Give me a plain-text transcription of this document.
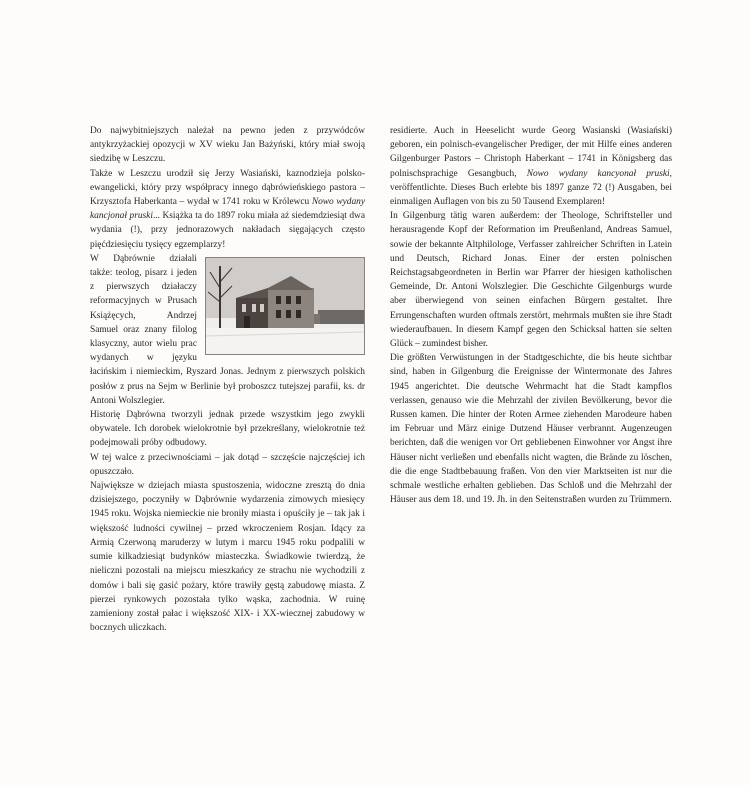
Do najwybitniejszych należał na pewno jeden z przywódców antykrzyżackiej opozycji w XV wieku Jan Bażyński, który miał swoją siedzibę w Leszczu.

Także w Leszczu urodził się Jerzy Wasiański, kaznodzieja polsko-ewangelicki, który przy współpracy innego dąbrówieńskiego pastora – Krzysztofa Haberkanta – wydał w 1741 roku w Królewcu Nowo wydany kancjonał pruski... Książka ta do 1897 roku miała aż siedemdziesiąt dwa wydania (!), przy jednorazowych nakładach sięgających często pięćdziesięciu tysięcy egzemplarzy!

W Dąbrównie działali także: teolog, pisarz i jeden z pierwszych działaczy reformacyjnych w Prusach Książęcych, Andrzej Samuel oraz znany filolog klasyczny, autor wielu prac wydanych w języku łacińskim i niemieckim, Ryszard Jonas. Jednym z pierwszych polskich posłów z prus na Sejm w Berlinie był proboszcz tutejszej parafii, ks. dr Antoni Wolszlegier.

Historię Dąbrówna tworzyli jednak przede wszystkim jego zwykli obywatele. Ich dorobek wielokrotnie był przekreślany, wielokrotnie też podejmowali próby odbudowy.

W tej walce z przeciwnościami – jak dotąd – szczęście najczęściej ich opuszczało.

Największe w dziejach miasta spustoszenia, widoczne zresztą do dnia dzisiejszego, poczyniły w Dąbrównie wydarzenia zimowych miesięcy 1945 roku. Wojska niemieckie nie broniły miasta i opuściły je – tak jak i większość ludności cywilnej – przed wkroczeniem Rosjan. Idący za Armią Czerwoną maruderzy w lutym i marcu 1945 roku podpalili w sumie kilkadziesiąt budynków miasteczka. Świadkowie twierdzą, że nieliczni pozostali na miejscu mieszkańcy ze strachu nie wychodzili z domów i bali się gasić pożary, które trawiły gęstą zabudowę miasta. Z pierzei rynkowych pozostała tylko wąska, zachodnia. W ruinę zamieniony został pałac i większość XIX- i XX-wiecznej zabudowy w bocznych uliczkach.

residierte. Auch in Heeselicht wurde Georg Wasianski (Wasiański) geboren, ein polnisch-evangelischer Prediger, der mit Hilfe eines anderen Gilgenburger Pastors – Christoph Haberkant – 1741 in Königsberg das polnischsprachige Gesangbuch, Nowo wydany kancyonał pruski, veröffentlichte. Dieses Buch erlebte bis 1897 ganze 72 (!) Ausgaben, bei einmaligen Auflagen von bis zu 50 Tausend Exemplaren!

In Gilgenburg tätig waren außerdem: der Theologe, Schriftsteller und herausragende Kopf der Reformation im Preußenland, Andreas Samuel, sowie der bekannte Altphilologe, Verfasser zahlreicher Schriften in Latein und Deutsch, Richard Jonas. Einer der ersten polnischen Reichstagsabgeordneten in Berlin war Pfarrer der hiesigen katholischen Gemeinde, Dr. Antoni Wolszlegier. Die Geschichte Gilgenburgs wurde aber überwiegend von seinen einfachen Bürgern gestaltet. Ihre Errungenschaften wurden oftmals zerstört, mehrmals mußten sie ihre Stadt wiederaufbauen. In diesem Kampf gegen den Schicksal hatten sie selten Glück – zumindest bisher.

Die größten Verwüstungen in der Stadtgeschichte, die bis heute sichtbar sind, haben in Gilgenburg die Ereignisse der Wintermonate des Jahres 1945 angerichtet. Die deutsche Wehrmacht hat die Stadt kampflos verlassen, genauso wie die Mehrzahl der zivilen Bevölkerung, bevor die Russen kamen. Die hinter der Roten Armee ziehenden Marodeure haben im Februar und März einige Dutzend Häuser verbrannt. Augenzeugen berichten, daß die wenigen vor Ort gebliebenen Einwohner vor Angst ihre Häuser nicht verließen und ebenfalls nicht wagten, die Brände zu löschen, die die enge Stadtbebauung fraßen. Von den vier Marktseiten ist nur die schmale westliche erhalten geblieben. Das Schloß und die Mehrzahl der Häuser aus dem 18. und 19. Jh. in den Seitenstraßen wurden zu Trümmern.
